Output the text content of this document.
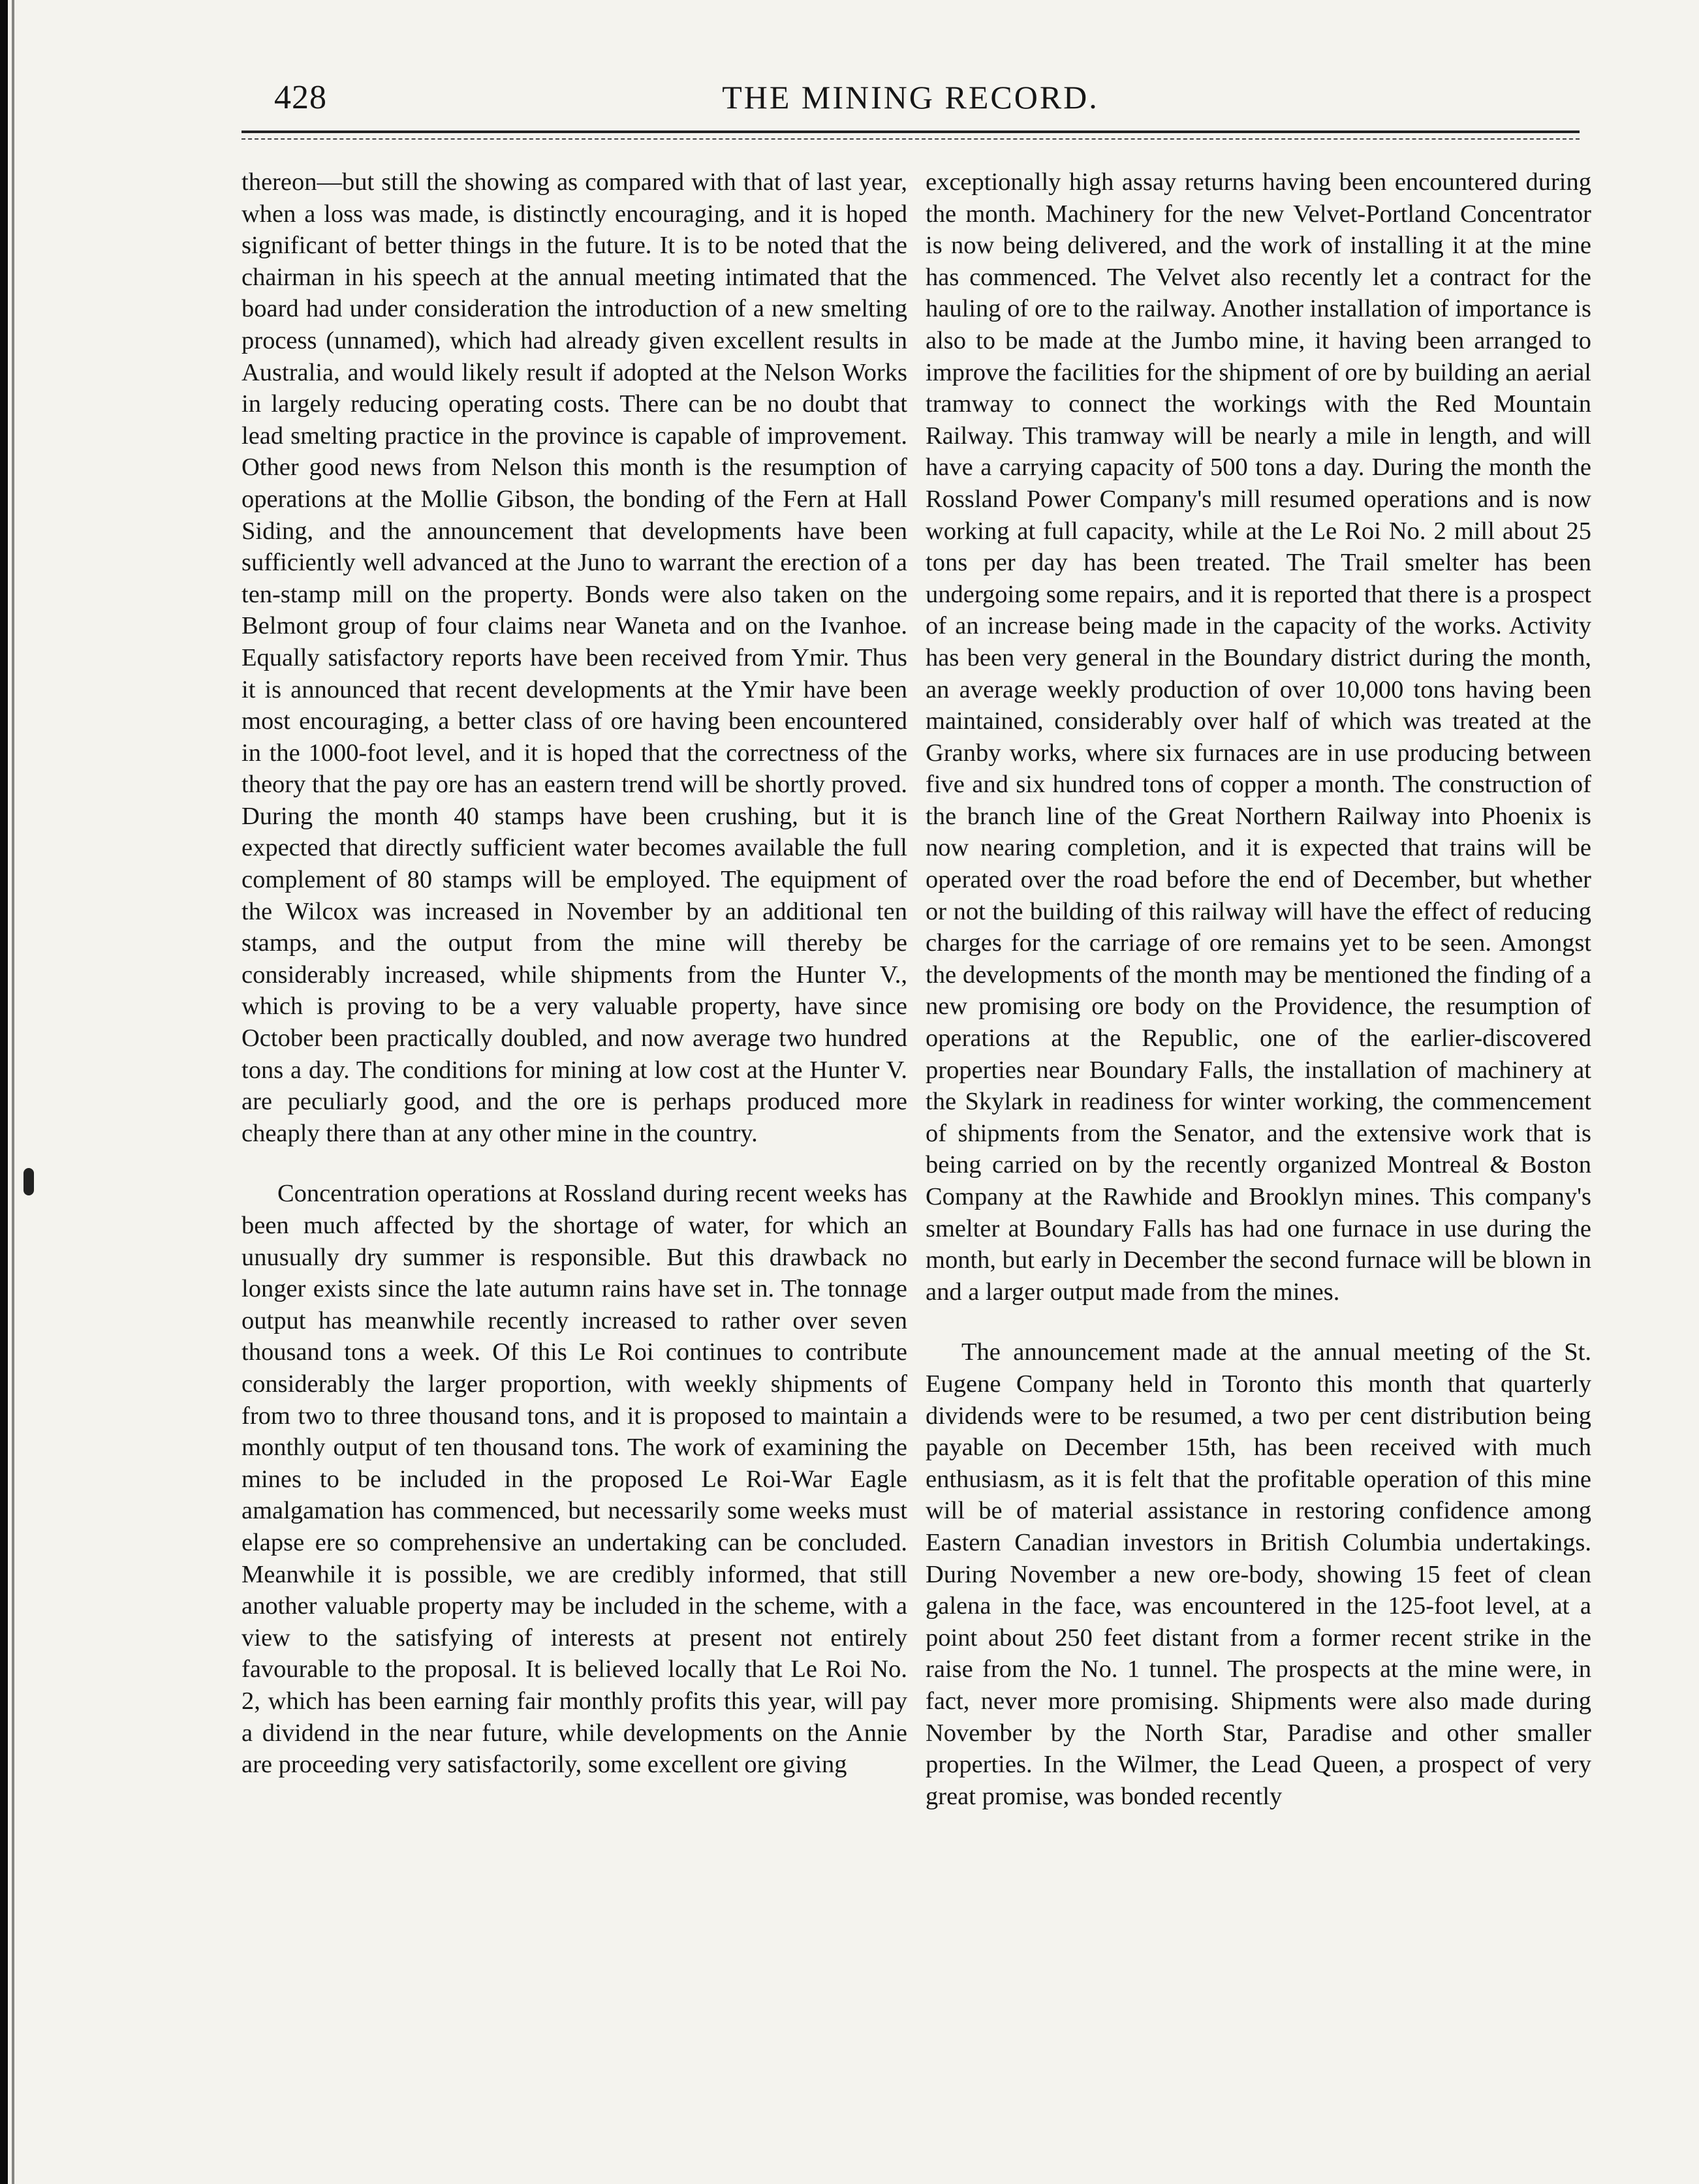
428	THE MINING RECORD.

thereon—but still the showing as compared with that of last year, when a loss was made, is distinctly encouraging, and it is hoped significant of better things in the future. It is to be noted that the chairman in his speech at the annual meeting intimated that the board had under consideration the introduction of a new smelting process (unnamed), which had already given excellent results in Australia, and would likely result if adopted at the Nelson Works in largely reducing operating costs. There can be no doubt that lead smelting practice in the province is capable of improvement. Other good news from Nelson this month is the resumption of operations at the Mollie Gibson, the bonding of the Fern at Hall Siding, and the announcement that developments have been sufficiently well advanced at the Juno to warrant the erection of a ten-stamp mill on the property. Bonds were also taken on the Belmont group of four claims near Waneta and on the Ivanhoe. Equally satisfactory reports have been received from Ymir. Thus it is announced that recent developments at the Ymir have been most encouraging, a better class of ore having been encountered in the 1000-foot level, and it is hoped that the correctness of the theory that the pay ore has an eastern trend will be shortly proved. During the month 40 stamps have been crushing, but it is expected that directly sufficient water becomes available the full complement of 80 stamps will be employed. The equipment of the Wilcox was increased in November by an additional ten stamps, and the output from the mine will thereby be considerably increased, while shipments from the Hunter V., which is proving to be a very valuable property, have since October been practically doubled, and now average two hundred tons a day. The conditions for mining at low cost at the Hunter V. are peculiarly good, and the ore is perhaps produced more cheaply there than at any other mine in the country.

Concentration operations at Rossland during recent weeks has been much affected by the shortage of water, for which an unusually dry summer is responsible. But this drawback no longer exists since the late autumn rains have set in. The tonnage output has meanwhile recently increased to rather over seven thousand tons a week. Of this Le Roi continues to contribute considerably the larger proportion, with weekly shipments of from two to three thousand tons, and it is proposed to maintain a monthly output of ten thousand tons. The work of examining the mines to be included in the proposed Le Roi-War Eagle amalgamation has commenced, but necessarily some weeks must elapse ere so comprehensive an undertaking can be concluded. Meanwhile it is possible, we are credibly informed, that still another valuable property may be included in the scheme, with a view to the satisfying of interests at present not entirely favourable to the proposal. It is believed locally that Le Roi No. 2, which has been earning fair monthly profits this year, will pay a dividend in the near future, while developments on the Annie are proceeding very satisfactorily, some excellent ore giving

exceptionally high assay returns having been encountered during the month. Machinery for the new Velvet-Portland Concentrator is now being delivered, and the work of installing it at the mine has commenced. The Velvet also recently let a contract for the hauling of ore to the railway. Another installation of importance is also to be made at the Jumbo mine, it having been arranged to improve the facilities for the shipment of ore by building an aerial tramway to connect the workings with the Red Mountain Railway. This tramway will be nearly a mile in length, and will have a carrying capacity of 500 tons a day. During the month the Rossland Power Company's mill resumed operations and is now working at full capacity, while at the Le Roi No. 2 mill about 25 tons per day has been treated. The Trail smelter has been undergoing some repairs, and it is reported that there is a prospect of an increase being made in the capacity of the works. Activity has been very general in the Boundary district during the month, an average weekly production of over 10,000 tons having been maintained, considerably over half of which was treated at the Granby works, where six furnaces are in use producing between five and six hundred tons of copper a month. The construction of the branch line of the Great Northern Railway into Phoenix is now nearing completion, and it is expected that trains will be operated over the road before the end of December, but whether or not the building of this railway will have the effect of reducing charges for the carriage of ore remains yet to be seen. Amongst the developments of the month may be mentioned the finding of a new promising ore body on the Providence, the resumption of operations at the Republic, one of the earlier-discovered properties near Boundary Falls, the installation of machinery at the Skylark in readiness for winter working, the commencement of shipments from the Senator, and the extensive work that is being carried on by the recently organized Montreal & Boston Company at the Rawhide and Brooklyn mines. This company's smelter at Boundary Falls has had one furnace in use during the month, but early in December the second furnace will be blown in and a larger output made from the mines.

The announcement made at the annual meeting of the St. Eugene Company held in Toronto this month that quarterly dividends were to be resumed, a two per cent distribution being payable on December 15th, has been received with much enthusiasm, as it is felt that the profitable operation of this mine will be of material assistance in restoring confidence among Eastern Canadian investors in British Columbia undertakings. During November a new ore-body, showing 15 feet of clean galena in the face, was encountered in the 125-foot level, at a point about 250 feet distant from a former recent strike in the raise from the No. 1 tunnel. The prospects at the mine were, in fact, never more promising. Shipments were also made during November by the North Star, Paradise and other smaller properties. In the Wilmer, the Lead Queen, a prospect of very great promise, was bonded recently
